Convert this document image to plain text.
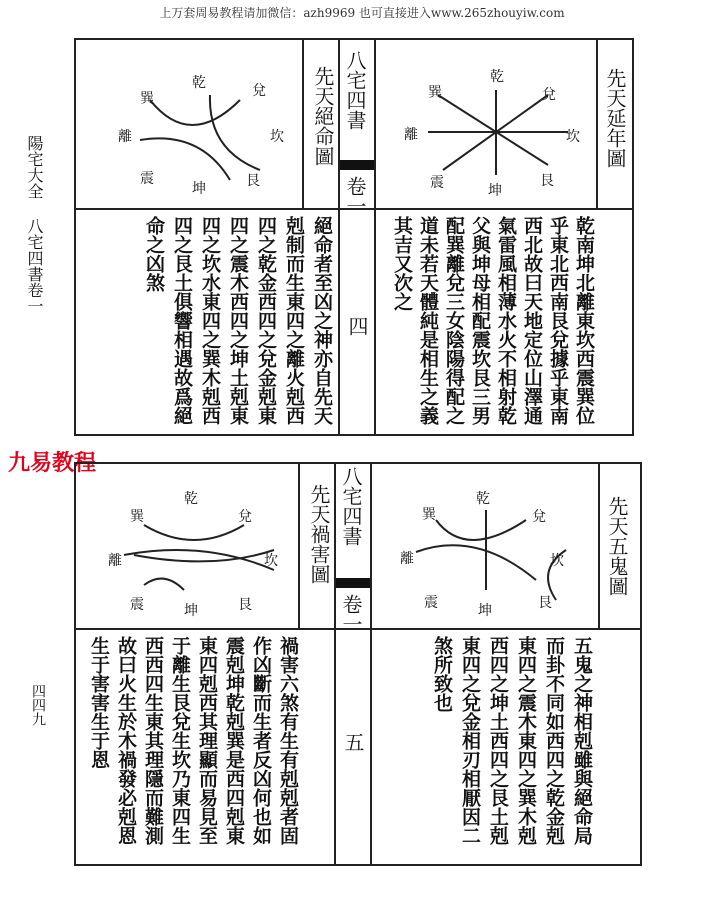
上万套周易教程请加微信：azh9969 也可直接进入www.265zhouyiw.com
陽宅大全
八宅四書卷一
四四九
九易教程
八宅四書
卷一
四
先天延年圖
先天絕命圖	乾
兌
坎
離
巽
艮
震	坤
乾	兌
坎
離
巽
艮
震
坤
乾南坤北離東坎西震巽位
乎東北西南艮兌據乎東南
西北故曰天地定位山澤通
氣雷風相薄水火不相射乾
父與坤母相配震坎艮三男
配巽離兌三女陰陽得配之
道未若天體純是相生之義
其吉又次之
絕命者至凶之神亦自先天
剋制而生東四之離火剋西
四之乾金西四之兌金剋東
四之震木西四之坤土剋東
四之坎水東四之巽木剋西
四之艮土俱響相遇故爲絕
命之凶煞
八宅四書
卷一
五
先天五鬼圖
先天禍害圖	乾
兌
坎
離
巽
艮
震	坤
乾
兌
坎
離
巽
艮
震	坤
五鬼之神相剋雖與絕命局
而卦不同如西四之乾金剋
東四之震木東四之巽木剋
西四之坤土西四之艮土剋
東四之兌金相刃相厭因二
煞所致也
禍害六煞有生有剋剋者固
作凶斷而生者反凶何也如
震剋坤乾剋巽是西四剋東
東四剋西其理顯而易見至
于離生艮兌生坎乃東四生
西西四生東其理隱而難測
故曰火生於木禍發必剋恩
生于害害生于恩
